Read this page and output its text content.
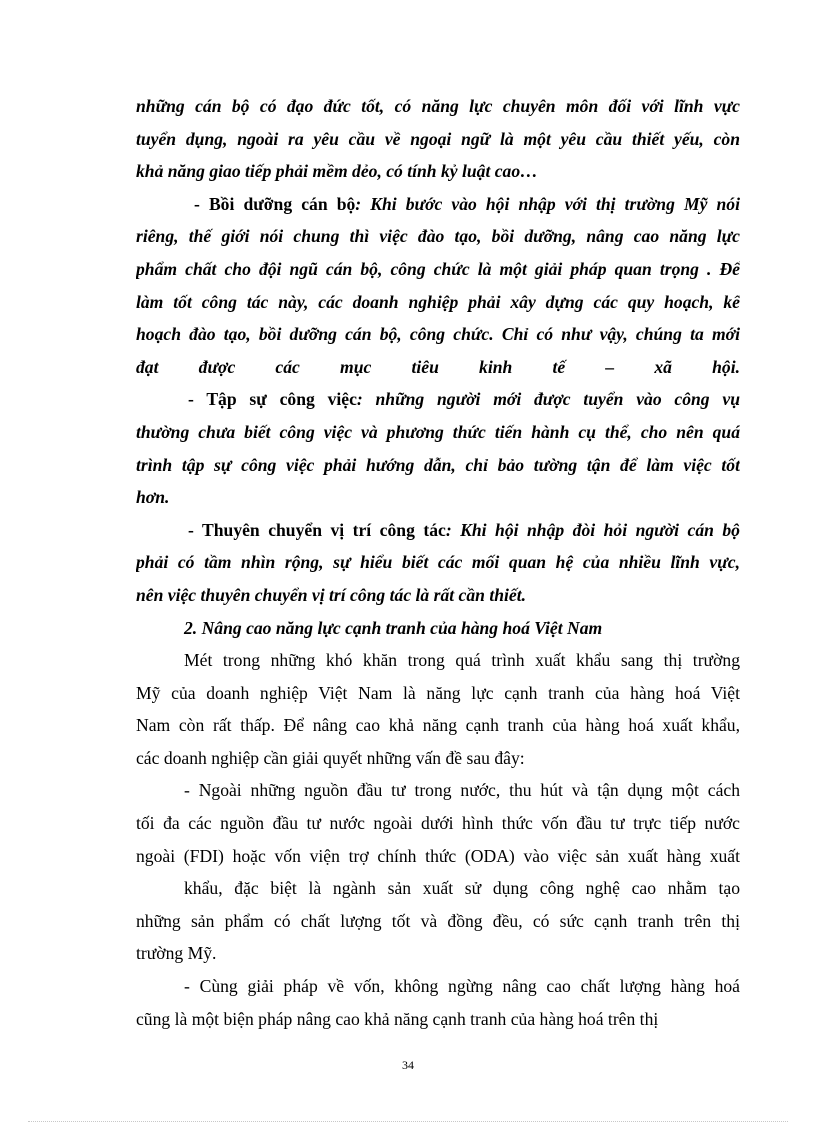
những cán bộ có đạo đức tốt, có năng lực chuyên môn đối với lĩnh vực
tuyển dụng, ngoài ra yêu cầu về ngoại ngữ là một yêu cầu thiết yếu, còn
khả năng giao tiếp phải mềm dẻo, có tính kỷ luật cao…
- Bồi dưỡng cán bộ: Khi bước vào hội nhập với thị trường Mỹ nói
riêng, thế giới nói chung thì việc đào tạo, bồi dưỡng, nâng cao năng lực
phẩm chất cho đội ngũ cán bộ, công chức là một giải pháp quan trọng . Để
làm tốt công tác này, các doanh nghiệp phải xây dựng các quy hoạch, kế
hoạch đào tạo, bồi dưỡng cán bộ, công chức. Chỉ có như vậy, chúng ta mới
đạt được các mục tiêu kinh tế – xã hội.
- Tập sự công việc: những người mới được tuyển vào công vụ
thường chưa biết công việc và phương thức tiến hành cụ thể, cho nên quá
trình tập sự công việc phải hướng dẫn, chỉ bảo tường tận để làm việc tốt
hơn.
- Thuyên chuyển vị trí công tác: Khi hội nhập đòi hỏi người cán bộ
phải có tầm nhìn rộng, sự hiểu biết các mối quan hệ của nhiều lĩnh vực,
nên việc thuyên chuyển vị trí công tác là rất cần thiết.
2. Nâng cao năng lực cạnh tranh của hàng hoá Việt Nam
Mét trong những khó khăn trong quá trình xuất khẩu sang thị trường
Mỹ của doanh nghiệp Việt Nam là năng lực cạnh tranh của hàng hoá Việt
Nam còn rất thấp. Để nâng cao khả năng cạnh tranh của hàng hoá xuất khẩu,
các doanh nghiệp cần giải quyết những vấn đề sau đây:
- Ngoài những nguồn đầu tư trong nước, thu hút và tận dụng một cách
tối đa các nguồn đầu tư nước ngoài dưới hình thức vốn đầu tư trực tiếp nước
ngoài (FDI) hoặc vốn viện trợ chính thức (ODA) vào việc sản xuất hàng xuất
khẩu, đặc biệt là ngành sản xuất sử dụng công nghệ cao nhằm tạo
những sản phẩm có chất lượng tốt và đồng đều, có sức cạnh tranh trên thị
trường Mỹ.
- Cùng giải pháp về vốn, không ngừng nâng cao chất lượng hàng hoá
cũng là một biện pháp nâng cao khả năng cạnh tranh của hàng hoá trên thị
34
